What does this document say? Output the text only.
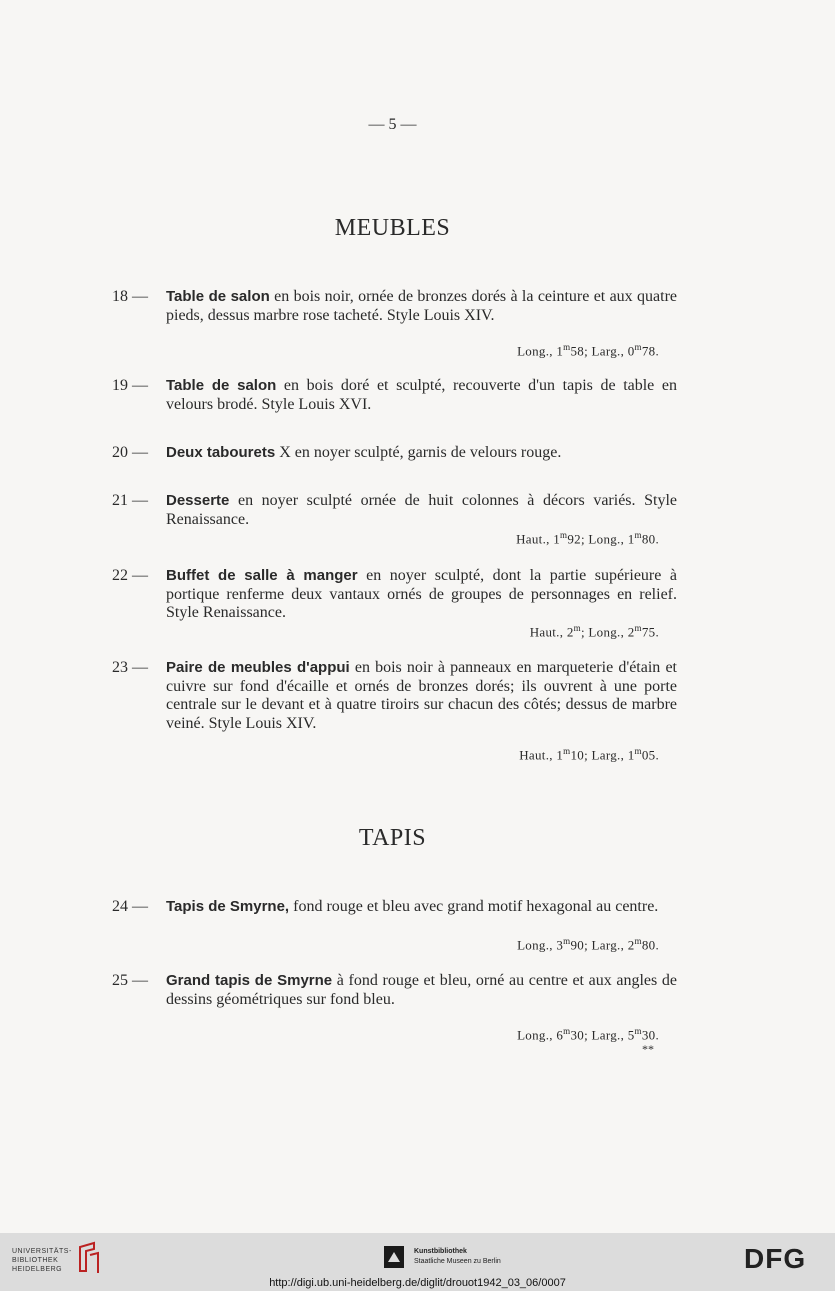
— 5 —
MEUBLES
18 —	Table de salon en bois noir, ornée de bronzes dorés à la ceinture et aux quatre pieds, dessus marbre rose tacheté. Style Louis XIV.
Long., 1$^m$58; Larg., 0$^m$78.
19 —	Table de salon en bois doré et sculpté, recouverte d'un tapis de table en velours brodé. Style Louis XVI.
20 —	Deux tabourets X en noyer sculpté, garnis de velours rouge.
21 —	Desserte en noyer sculpté ornée de huit colonnes à décors variés. Style Renaissance.
Haut., 1$^m$92; Long., 1$^m$80.
22 —	Buffet de salle à manger en noyer sculpté, dont la partie supérieure à portique renferme deux vantaux ornés de groupes de personnages en relief. Style Renaissance.
Haut., 2$^m$; Long., 2$^m$75.
23 —	Paire de meubles d'appui en bois noir à panneaux en marqueterie d'étain et cuivre sur fond d'écaille et ornés de bronzes dorés; ils ouvrent à une porte centrale sur le devant et à quatre tiroirs sur chacun des côtés; dessus de marbre veiné. Style Louis XIV.
Haut., 1$^m$10; Larg., 1$^m$05.
TAPIS
24 —	Tapis de Smyrne, fond rouge et bleu avec grand motif hexagonal au centre.
Long., 3$^m$90; Larg., 2$^m$80.
25 —	Grand tapis de Smyrne à fond rouge et bleu, orné au centre et aux angles de dessins géométriques sur fond bleu.
Long., 6$^m$30; Larg., 5$^m$30.
**
UNIVERSITÄTS-
BIBLIOTHEK
HEIDELBERG
Kunstbibliothek
Staatliche Museen zu Berlin	DFG
http://digi.ub.uni-heidelberg.de/diglit/drouot1942_03_06/0007
